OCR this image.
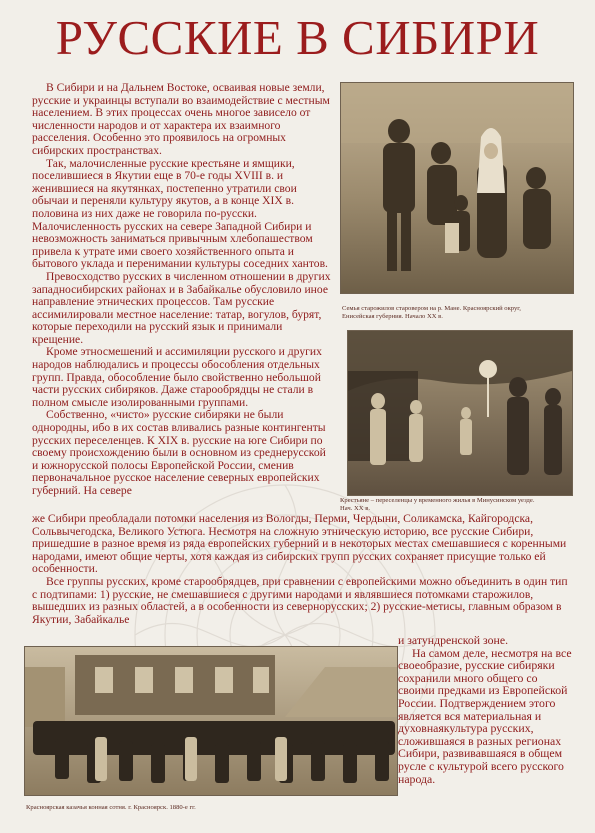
РУССКИЕ В СИБИРИ

В Сибири и на Дальнем Востоке, осваивая новые земли, русские и украинцы вступали во взаимодействие с местным населением. В этих процессах очень многое зависело от численности народов и от характера их взаимного расселения. Особенно это проявилось на огромных сибирских пространствах.

Так, малочисленные русские крестьяне и ямщики, поселившиеся в Якутии еще в 70-е годы XVIII в. и женившиеся на якутянках, постепенно утратили свои обычаи и переняли культуру якутов, а в конце XIX в. половина из них даже не говорила по-русски. Малочисленность русских на севере Западной Сибири и невозможность заниматься привычным хлебопашеством привела к утрате ими своего хозяйственного опыта и бытового уклада и перенимании культуры соседних хантов.

Превосходство русских в численном отношении в других западносибирских районах и в Забайкалье обусловило иное направление этнических процессов. Там русские ассимилировали местное население: татар, вогулов, бурят, которые переходили на русский язык и принимали крещение.

Кроме этносмешений и ассимиляции русского и других народов наблюдались и процессы обособления отдельных групп. Правда, обособление было свойственно небольшой части русских сибиряков. Даже старообрядцы не стали в полном смысле изолированными группами.

Собственно, «чисто» русские сибиряки не были однородны, ибо в их состав вливались разные контингенты русских переселенцев. К XIX в. русские на юге Сибири по своему происхождению были в основном из среднерусской и южнорусской полосы Европейской России, сменив первоначальное русское население северных европейских губерний. На севере

же Сибири преобладали потомки населения из Вологды, Перми, Чердыни, Соликамска, Кайгородска, Сольвычегодска, Великого Устюга. Несмотря на сложную этническую историю, все русские Сибири, пришедшие в разное время из ряда европейских губерний и в некоторых местах смешавшиеся с коренными народами, имеют общие черты, хотя каждая из сибирских групп русских сохраняет присущие только ей особенности.

Все группы русских, кроме старообрядцев, при сравнении с европейскими можно объединить в один тип с подтипами: 1) русские, не смешавшиеся с другими народами и являвшиеся потомками старожилов, вышедших из разных областей, а в особенности из севернорусских; 2) русские-метисы, главным образом в Якутии, Забайкалье

и затундренской зоне.

На самом деле, несмотря на все своеобразие, русские сибиряки сохранили много общего со своими предками из Европейской России. Подтверждением этого является вся материальная и духовнаякультура русских, сложившаяся в разных регионах Сибири, развивавшаяся в общем русле с культурой всего русского народа.

Семья старожилов старовером на р. Мане. Красноярский округ, Енисейская губерния. Начало XX в.
Крестьяне – переселенцы у временного жилья в Минусинском уезде. Нач. XX в.
Красноярская казачья конная сотня. г. Красноярск. 1880-е гг.
